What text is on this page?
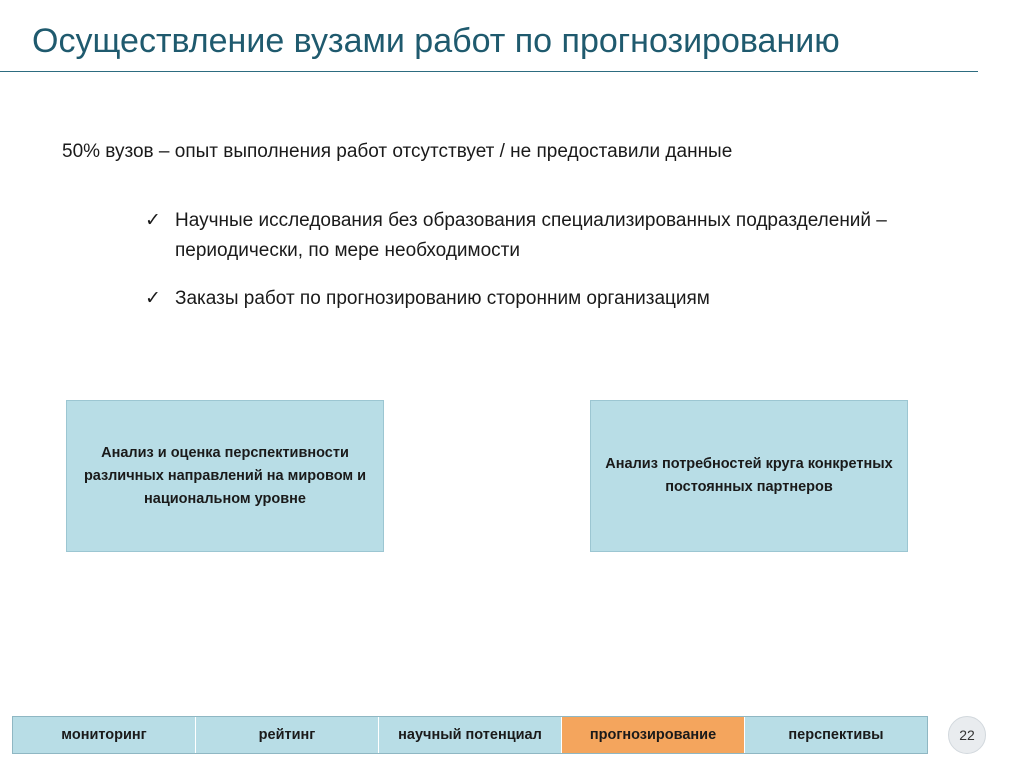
Осуществление вузами работ по прогнозированию
50% вузов – опыт выполнения работ отсутствует / не предоставили данные
✓ Научные исследования без образования специализированных подразделений – периодически, по мере необходимости
✓ Заказы работ по прогнозированию сторонним организациям
Анализ и оценка перспективности различных направлений на мировом и национальном уровне
Анализ потребностей круга конкретных постоянных партнеров
мониторинг	рейтинг	научный потенциал	прогнозирование	перспективы	22
